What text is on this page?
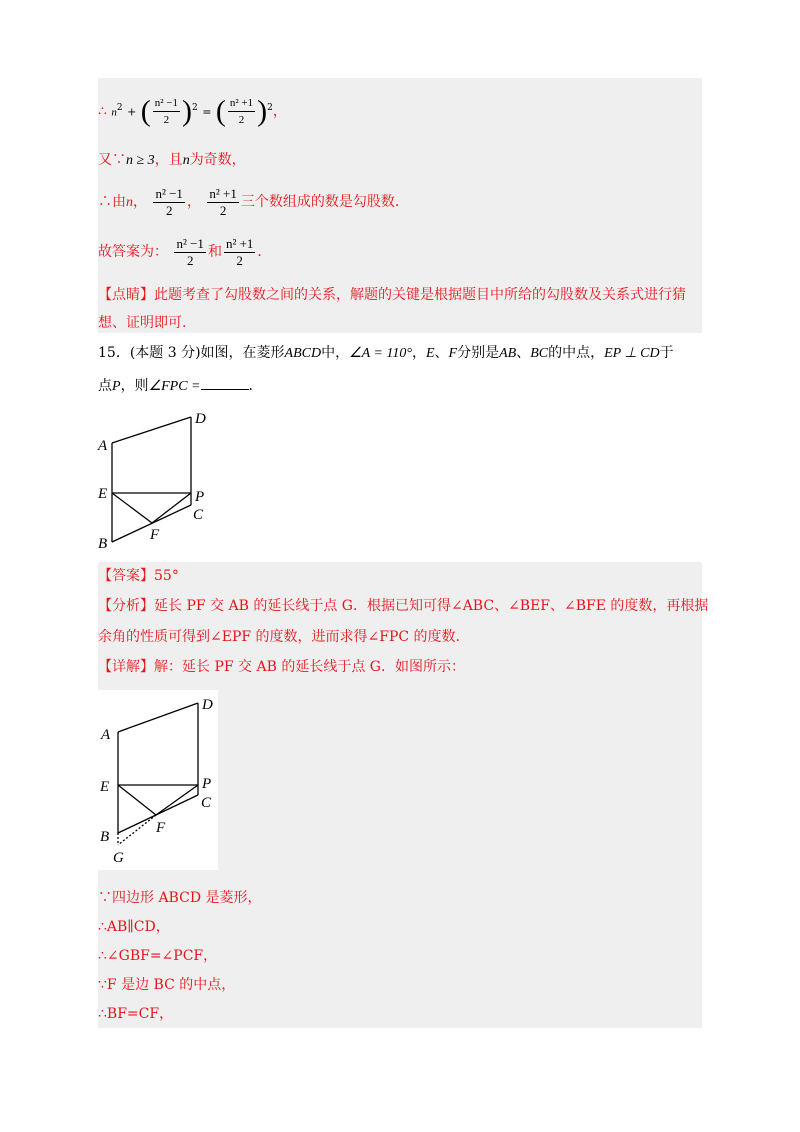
∴ $n^2$ + ( $\frac{\text{n² −1}}{2} )^2$ = ( $\frac{\text{n² +1}}{2} )^2$，
又∵n ≥ 3，且n为奇数，
∴由n， $\frac{\text{n² −1}}{2}$ ， $\frac{\text{n² +1}}{2}$ 三个数组成的数是勾股数．
故答案为： $\frac{\text{n² −1}}{2}$ 和 $\frac{\text{n² +1}}{2}$ ．
【点睛】此题考查了勾股数之间的关系，解题的关键是根据题目中所给的勾股数及关系式进行猜
想、证明即可.
15．(本题 3 分)如图，在菱形ABCD中，∠A = 110°，E、F分别是AB、BC的中点，EP ⊥ CD于
点P，则∠FPC =	．
A
D
E	P
C
F
B
【答案】55°
【分析】延长 PF 交 AB 的延长线于点 G．根据已知可得∠ABC、∠BEF、∠BFE 的度数，再根据
余角的性质可得到∠EPF 的度数，进而求得∠FPC 的度数.
【详解】解：延长 PF 交 AB 的延长线于点 G．如图所示：
A
D
E	P
C
F
B
G
∵四边形 ABCD 是菱形，
∴AB∥CD，
∴∠GBF=∠PCF，
∵F 是边 BC 的中点，
∴BF=CF，
